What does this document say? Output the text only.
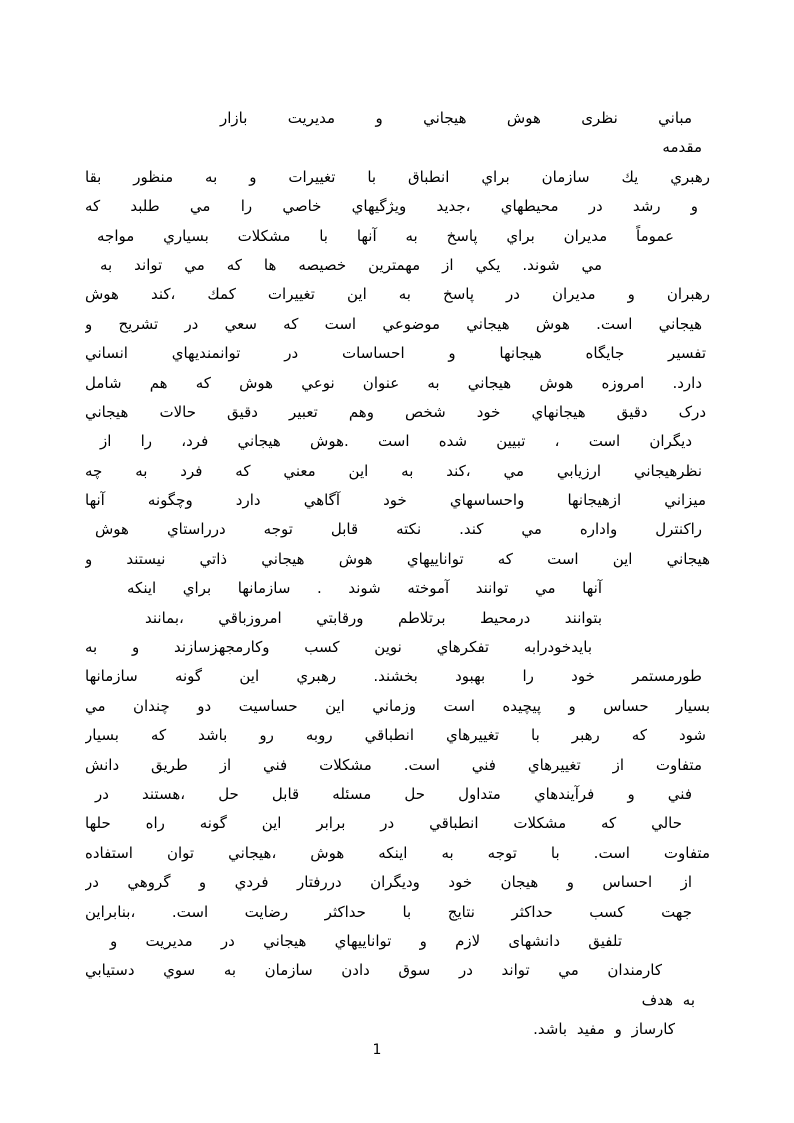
مباني نظری هوش هيجاني و مديريت بازار
مقدمه
رهبري يك سازمان براي انطباق با تغييرات و به منظور بقا
و رشد در محيطهاي ،جديد ويژگيهاي خاصي را مي طلبد كه
عموماً مديران براي پاسخ به آنها با مشكلات بسياري مواجه
مي شوند. يكي از مهمترين خصيصه ها كه مي تواند به
رهبران و مديران در پاسخ به اين تغييرات كمك ،كند هوش
هيجاني است. هوش هيجاني موضوعي است كه سعي در تشريح و
تفسير جايگاه هيجانها و احساسات در توانمنديهاي انساني
دارد. امروزه هوش هيجاني به عنوان نوعي هوش كه هم شامل
درک دقيق هيجانهاي خود شخص وهم تعبير دقيق حالات هيجاني
ديگران است ، تبيين شده است .هوش هيجاني فرد، را از
نظرهيجاني ارزيابي مي ،كند به اين معني كه فرد به چه
ميزاني ازهيجانها واحساسهاي خود آگاهي دارد وچگونه آنها
راكنترل واداره مي كند. نكته قابل توجه درراستاي هوش
هيجاني اين است كه تواناييهاي هوش هيجاني ذاتي نيستند و
آنها مي توانند آموخته شوند . سازمانها براي اينكه
بتوانند درمحيط برتلاطم ورقابتي امروزباقي ،بمانند
بايدخودرابه تفكرهاي نوين كسب وكارمجهزسازند و به
طورمستمر خود را بهبود بخشند. رهبري اين گونه سازمانها
بسيار حساس و پيچيده است وزماني اين حساسيت دو چندان مي
شود كه رهبر با تغييرهاي انطباقي روبه رو باشد كه بسيار
متفاوت از تغييرهاي فني است. مشكلات فني از طريق دانش
فني و فرآيندهاي متداول حل مسئله قابل حل ،هستند در
حالي كه مشكلات انطباقي در برابر اين گونه راه حلها
متفاوت است. با توجه به اينكه هوش ،هيجاني توان استفاده
از احساس و هيجان خود وديگران دررفتار فردي و گروهي در
جهت كسب حداكثر نتايج با حداكثر رضايت است. ،بنابراين
تلفيق دانشهای لازم و تواناييهاي هيجاني در مديريت و
كارمندان مي تواند در سوق دادن سازمان به سوي دستيابي
به هدف
كارساز و مفيد باشد.
1
